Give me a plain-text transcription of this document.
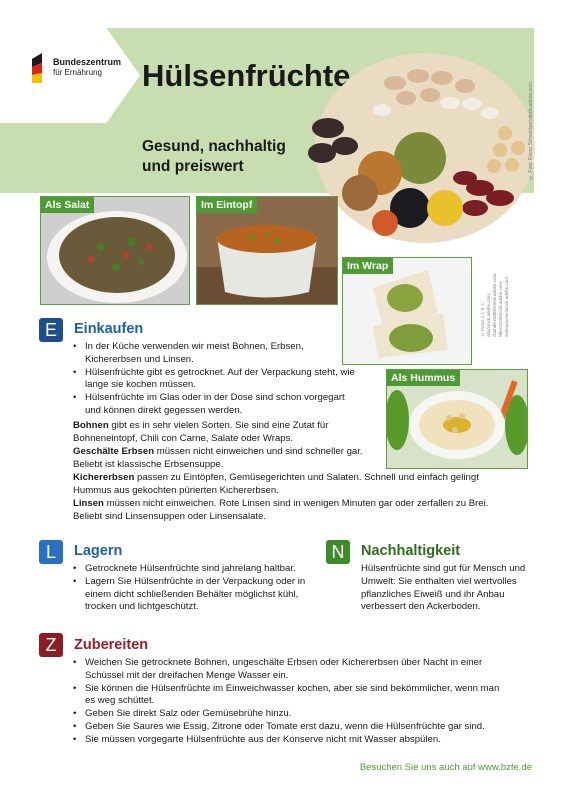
Bundeszentrum
für Ernährung Hülsenfrüchte
Gesund, nachhaltig
und preiswert	© Foto: Elena Schweitzer/stock.adobe.com
Als Salat	Im Eintopf
Im Wrap
© Fotos v. l. n. r.: Alla/stock.adobe.com, chandlervid85/stock.adobe.com, Wirestock/stock.adobe.com, samopauser/stock.adobe.com
Als Hummus
E	Einkaufen
• In der Küche verwenden wir meist Bohnen, Erbsen, Kichererbsen und Linsen.
• Hülsenfrüchte gibt es getrocknet. Auf der Verpackung steht, wie lange sie kochen müssen.
• Hülsenfrüchte im Glas oder in der Dose sind schon vorgegart und können direkt gegessen werden.

Bohnen gibt es in sehr vielen Sorten. Sie sind eine Zutat für Bohneneintopf, Chili con Carne, Salate oder Wraps.

Geschälte Erbsen müssen nicht einweichen und sind schneller gar. Beliebt ist klassische Erbsensuppe.

Kichererbsen passen zu Eintöpfen, Gemüsegerichten und Salaten. Schnell und einfach gelingt Hummus aus gekochten pürierten Kichererbsen.

Linsen müssen nicht einweichen. Rote Linsen sind in wenigen Minuten gar oder zerfallen zu Brei. Beliebt sind Linsensuppen oder Linsensalate.

L	Lagern
• Getrocknete Hülsenfrüchte sind jahrelang haltbar.
• Lagern Sie Hülsenfrüchte in der Verpackung oder in einem dicht schließenden Behälter möglichst kühl, trocken und lichtgeschützt.
N	Nachhaltigkeit

Hülsenfrüchte sind gut für Mensch und Umwelt: Sie enthalten viel wertvolles pflanzliches Eiweiß und ihr Anbau verbessert den Ackerboden.

Z	Zubereiten
• Weichen Sie getrocknete Bohnen, ungeschälte Erbsen oder Kichererbsen über Nacht in einer Schüssel mit der dreifachen Menge Wasser ein.
• Sie können die Hülsenfrüchte im Einweichwasser kochen, aber sie sind bekömmlicher, wenn man es weg schüttet.
• Geben Sie direkt Salz oder Gemüsebrühe hinzu.
• Geben Sie Saures wie Essig, Zitrone oder Tomate erst dazu, wenn die Hülsenfrüchte gar sind.
• Sie müssen vorgegarte Hülsenfrüchte aus der Konserve nicht mit Wasser abspülen.
Besuchen Sie uns auch auf www.bzfe.de
